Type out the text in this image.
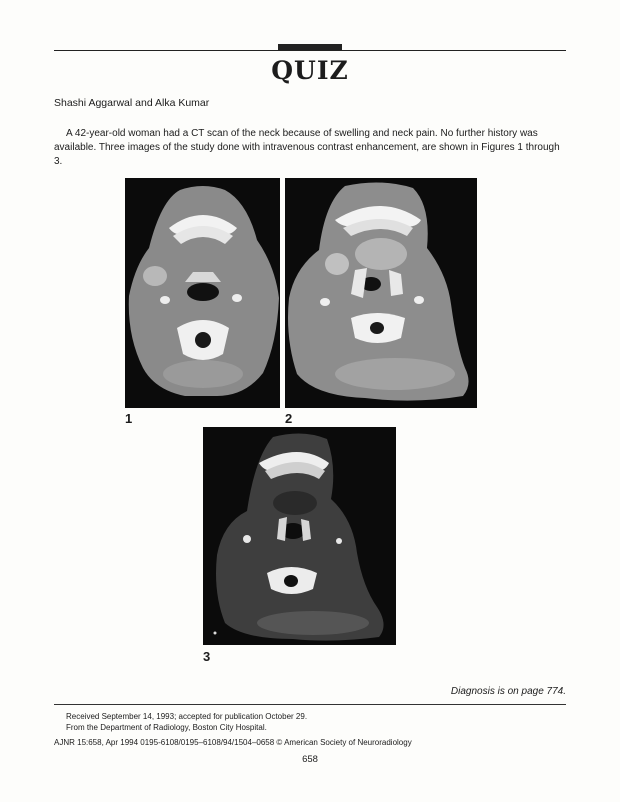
QUIZ
Shashi Aggarwal and Alka Kumar

A 42-year-old woman had a CT scan of the neck because of swelling and neck pain. No further history was available. Three images of the study done with intravenous contrast enhancement, are shown in Figures 1 through 3.

1	2
3
Diagnosis is on page 774.
Received September 14, 1993; accepted for publication October 29.
From the Department of Radiology, Boston City Hospital.
AJNR 15:658, Apr 1994 0195-6108/0195–6108/94/1504–0658 © American Society of Neuroradiology
658
